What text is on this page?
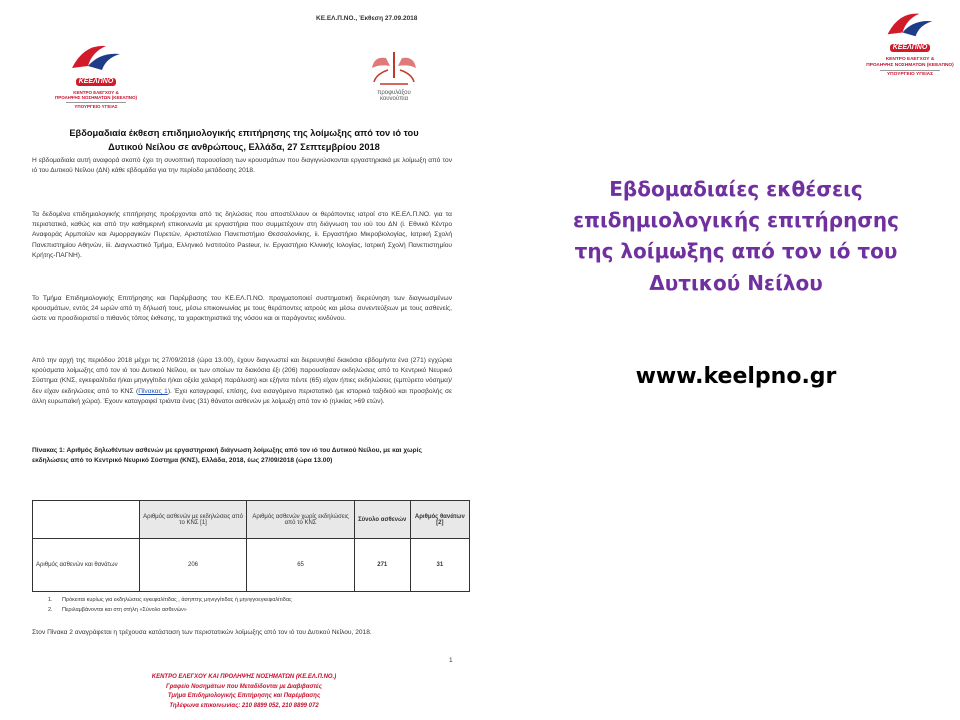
ΚΕΕΛΠΝΟ
ΚΕΝΤΡΟ ΕΛΕΓΧΟΥ &
ΠΡΟΛΗΨΗΣ ΝΟΣΗΜΑΤΩΝ (ΚΕΕΛΠΝΟ)
ΥΠΟΥΡΓΕΙΟ ΥΓΕΙΑΣ
ΚΕ.ΕΛ.Π.ΝΟ., Έκθεση 27.09.2018
προφυλάξου
κουνούπια
Εβδομαδιαία έκθεση επιδημιολογικής επιτήρησης της λοίμωξης από τον ιό του
Δυτικού Νείλου σε ανθρώπους, Ελλάδα, 27 Σεπτεμβρίου 2018
Η εβδομαδιαία αυτή αναφορά σκοπό έχει τη συνοπτική παρουσίαση των κρουσμάτων που διαγιγνώσκονται εργαστηριακά με λοίμωξη από τον ιό του Δυτικού Νείλου (ΔΝ) κάθε εβδομάδα για την περίοδο μετάδοσης 2018.
Τα δεδομένα επιδημιολογικής επιτήρησης προέρχονται από τις δηλώσεις που αποστέλλουν οι θεράποντες ιατροί στο ΚΕ.ΕΛ.Π.ΝΟ. για τα περιστατικά, καθώς και από την καθημερινή επικοινωνία με εργαστήρια που συμμετέχουν στη διάγνωση του ιού του ΔΝ (i. Εθνικό Κέντρο Αναφοράς Αρμποϊών και Αιμορραγικών Πυρετών, Αριστοτέλειο Πανεπιστήμιο Θεσσαλονίκης, ii. Εργαστήριο Μικροβιολογίας, Ιατρική Σχολή Πανεπιστημίου Αθηνών, iii. Διαγνωστικό Τμήμα, Ελληνικό Ινστιτούτο Pasteur, iv. Εργαστήριο Κλινικής Ιολογίας, Ιατρική Σχολή Πανεπιστημίου Κρήτης-ΠΑΓΝΗ).
Το Τμήμα Επιδημιολογικής Επιτήρησης και Παρέμβασης του ΚΕ.ΕΛ.Π.ΝΟ. πραγματοποιεί συστηματική διερεύνηση των διαγνωσμένων κρουσμάτων, εντός 24 ωρών από τη δήλωσή τους, μέσω επικοινωνίας με τους θεράποντες ιατρούς και μέσω συνεντεύξεων με τους ασθενείς, ώστε να προσδιοριστεί ο πιθανός τόπος έκθεσης, τα χαρακτηριστικά της νόσου και οι παράγοντες κινδύνου.
Από την αρχή της περιόδου 2018 μέχρι τις 27/09/2018 (ώρα 13.00), έχουν διαγνωστεί και διερευνηθεί διακόσια εβδομήντα ένα (271) εγχώρια κρούσματα λοίμωξης από τον ιό του Δυτικού Νείλου, εκ των οποίων τα διακόσια έξι (206) παρουσίασαν εκδηλώσεις από το Κεντρικό Νευρικό Σύστημα (ΚΝΣ, εγκεφαλίτιδα ή/και μηνιγγίτιδα ή/και οξεία χαλαρή παράλυση) και εξήντα πέντε (65) είχαν ήπιες εκδηλώσεις (εμπύρετο νόσημα)/ δεν είχαν εκδηλώσεις από το ΚΝΣ (Πίνακας 1). Έχει καταγραφεί, επίσης, ένα εισαγόμενο περιστατικό (με ιστορικό ταξιδιού και προσβολής σε άλλη ευρωπαϊκή χώρα). Έχουν καταγραφεί τριάντα ένας (31) θάνατοι ασθενών με λοίμωξη από τον ιό (ηλικίας >69 ετών).
Πίνακας 1: Αριθμός δηλωθέντων ασθενών με εργαστηριακή διάγνωση λοίμωξης από τον ιό του Δυτικού Νείλου, με και χωρίς εκδηλώσεις από το Κεντρικό Νευρικό Σύστημα (ΚΝΣ), Ελλάδα, 2018, έως 27/09/2018 (ώρα 13.00)
	Αριθμός ασθενών με εκδηλώσεις από το ΚΝΣ [1]	Αριθμός ασθενών χωρίς εκδηλώσεις από το ΚΝΣ	Σύνολο ασθενών	Αριθμός θανάτων [2]
Αριθμός ασθενών και θανάτων	206	65	271	31
1. Πρόκειται κυρίως για εκδηλώσεις εγκεφαλίτιδας , άσηπτης μηνιγγίτιδας ή μηνιγγοεγκεφαλίτιδας
2. Περιλαμβάνονται και στη στήλη «Σύνολο ασθενών»
Στον Πίνακα 2 αναγράφεται η τρέχουσα κατάσταση των περιστατικών λοίμωξης από τον ιό του Δυτικού Νείλου, 2018.
1
ΚΕΝΤΡΟ ΕΛΕΓΧΟΥ ΚΑΙ ΠΡΟΛΗΨΗΣ ΝΟΣΗΜΑΤΩΝ (ΚΕ.ΕΛ.Π.ΝΟ.)
Γραφείο Νοσημάτων που Μεταδίδονται με Διαβιβαστές
Τμήμα Επιδημιολογικής Επιτήρησης και Παρέμβασης
Τηλέφωνα επικοινωνίας: 210 8899 052, 210 8899 072
ΚΕΕΛΠΝΟ
ΚΕΝΤΡΟ ΕΛΕΓΧΟΥ &
ΠΡΟΛΗΨΗΣ ΝΟΣΗΜΑΤΩΝ (ΚΕΕΛΠΝΟ)
ΥΠΟΥΡΓΕΙΟ ΥΓΕΙΑΣ
Εβδομαδιαίες εκθέσεις
επιδημιολογικής επιτήρησης
της λοίμωξης από τον ιό του
Δυτικού Νείλου
www.keelpno.gr
